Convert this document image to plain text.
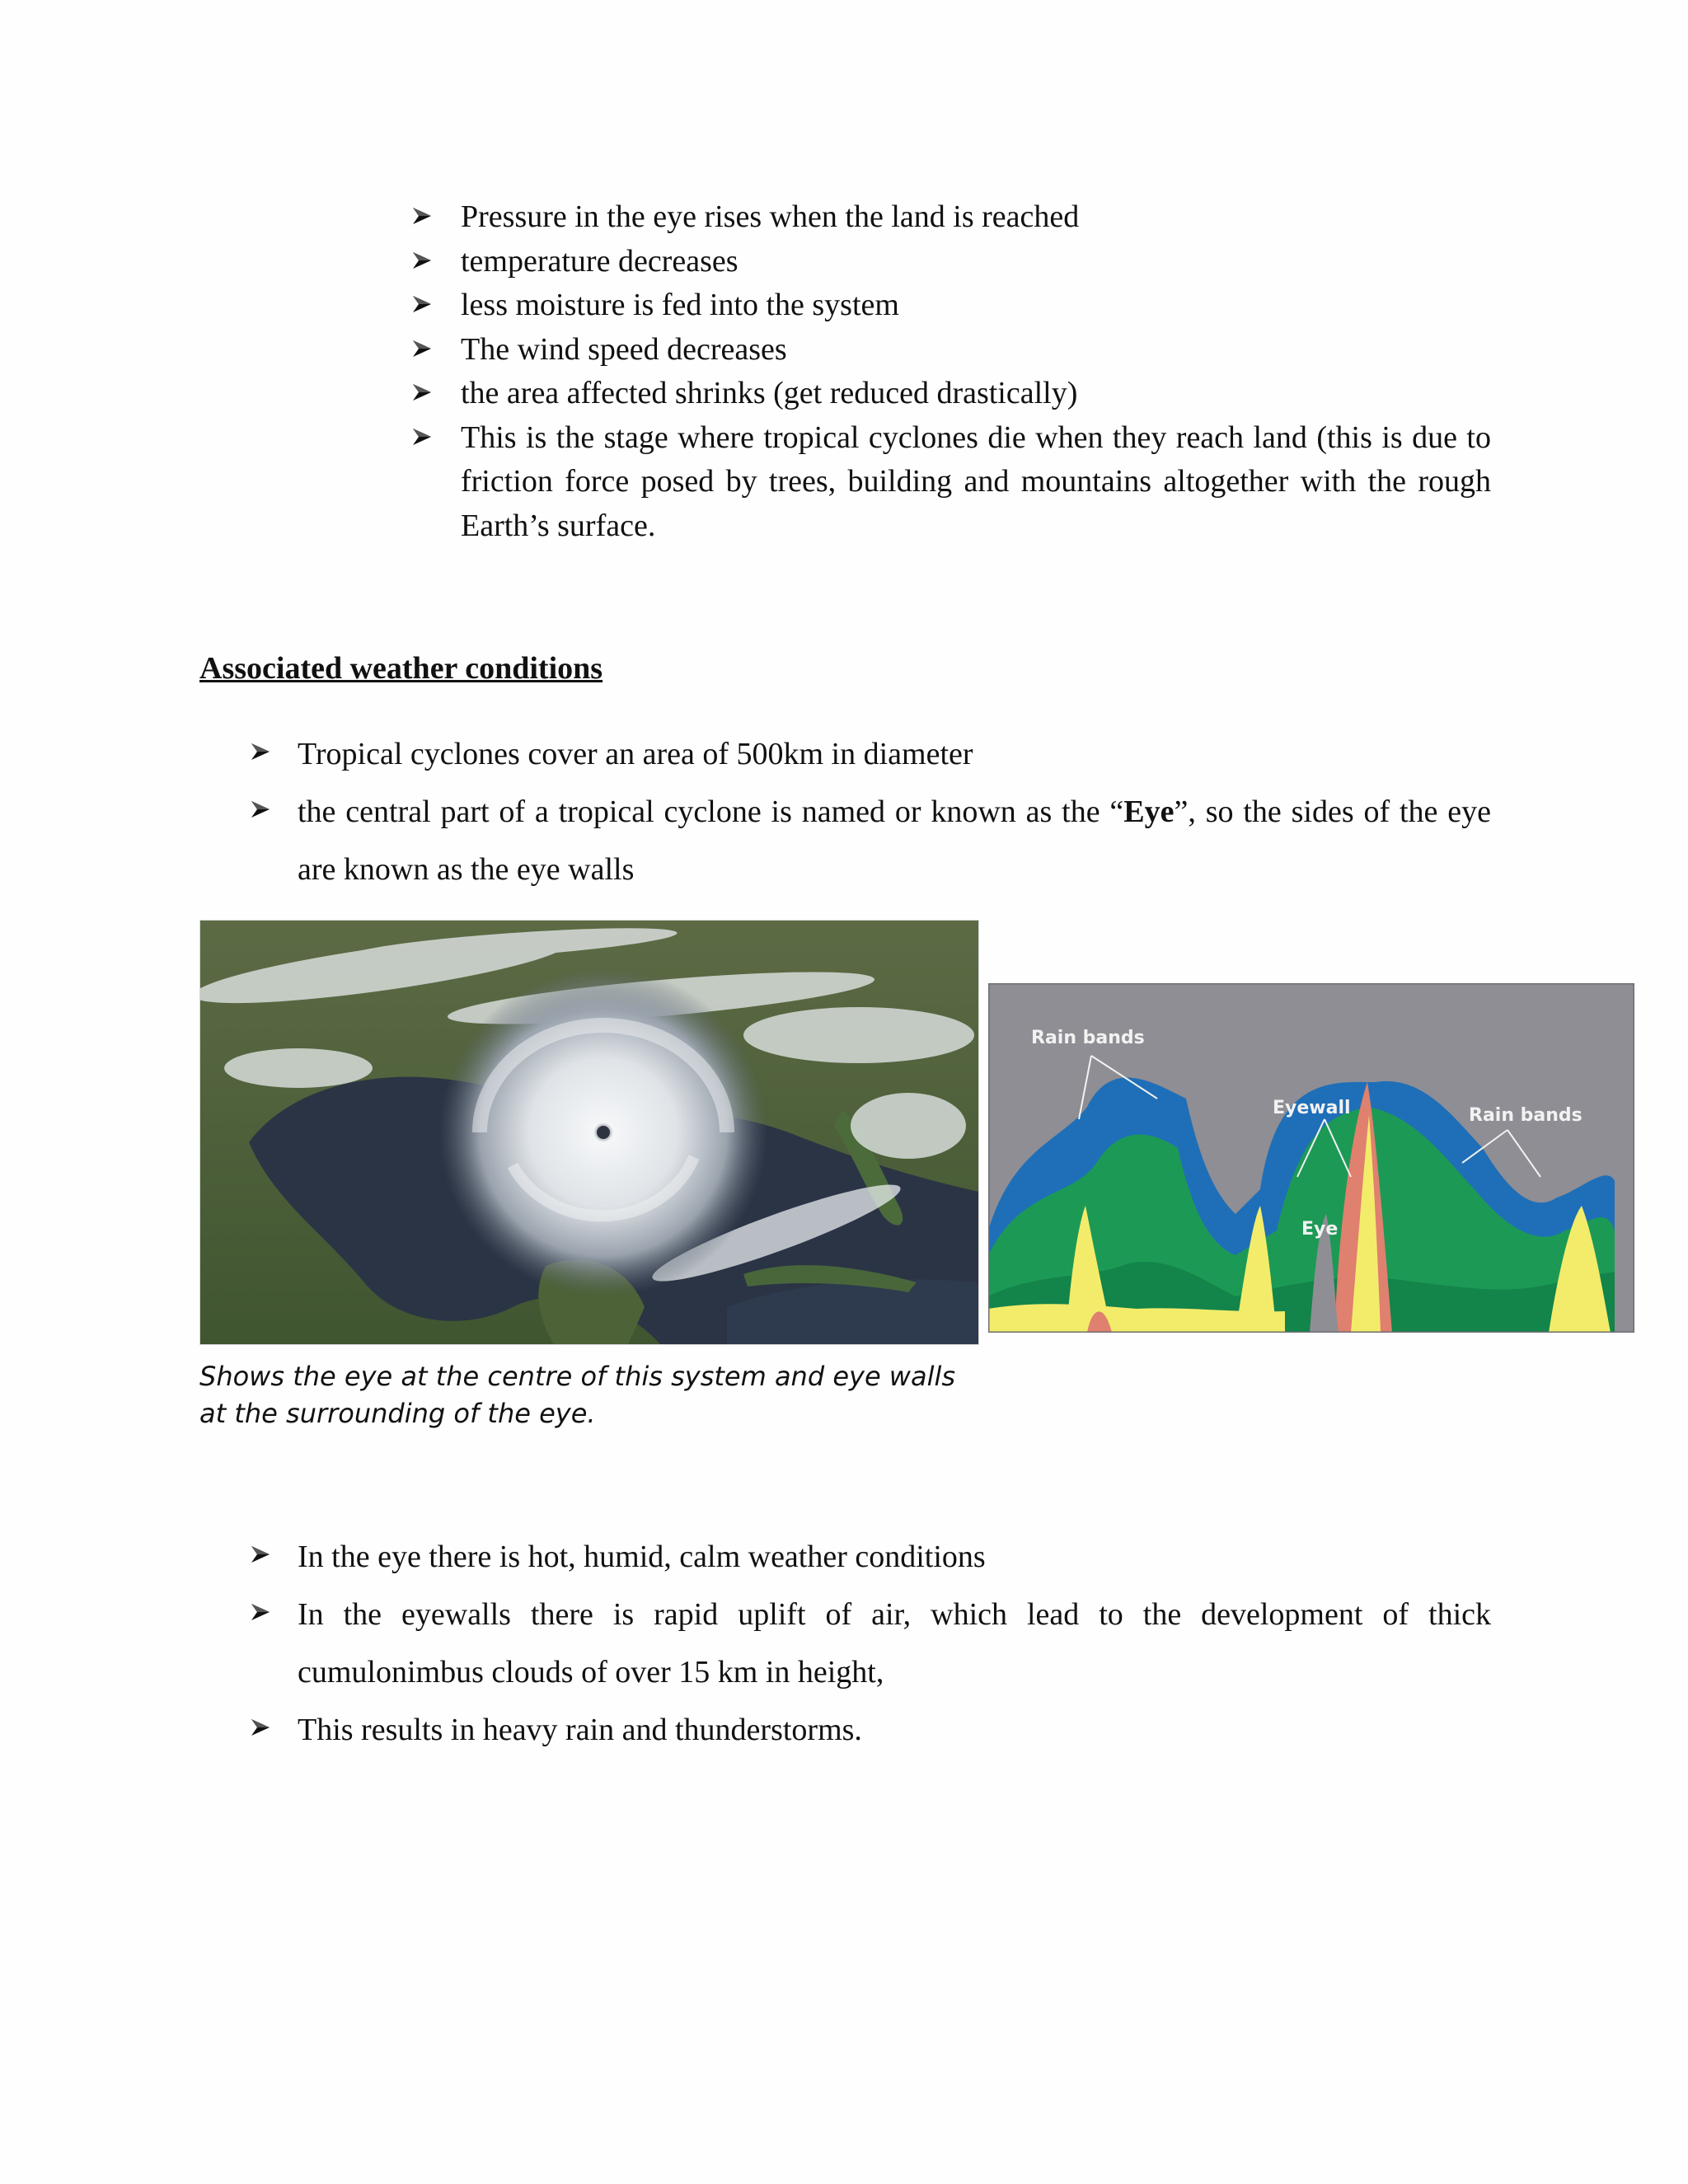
Pressure in the eye rises when the land is reached
temperature decreases
less moisture is fed into the system
The wind speed decreases
the area affected shrinks (get reduced drastically)
This is the stage where tropical cyclones die when they reach land (this is due to friction force posed by trees, building and mountains altogether with the rough Earth’s surface.
Associated weather conditions
Tropical cyclones cover an area of 500km in diameter
the central part of a tropical cyclone is named or known as the “Eye”, so the sides of the eye are known as the eye walls
Rain bands
Eyewall	Rain bands
Eye
Shows the eye at the centre of this system and eye walls at the surrounding of the eye.
In the eye there is hot, humid, calm weather conditions
In the eyewalls there is rapid uplift of air, which lead to the development of thick cumulonimbus clouds of over 15 km in height,
This results in heavy rain and thunderstorms.
